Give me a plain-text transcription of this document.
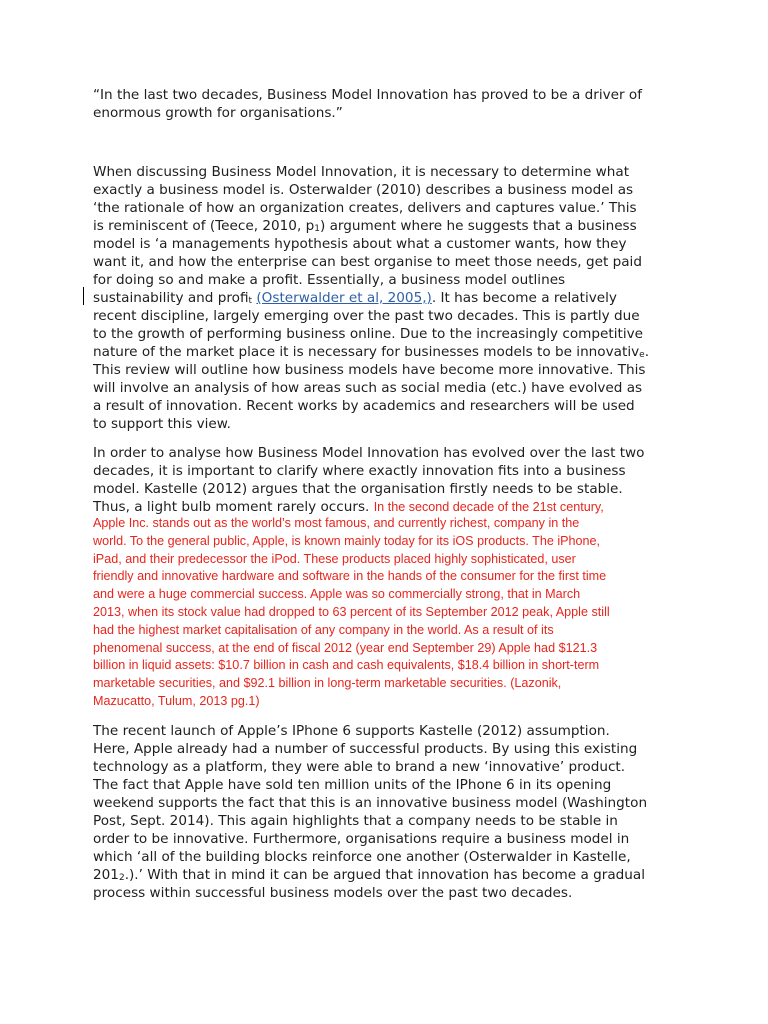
“In the last two decades, Business Model Innovation has proved to be a driver of
enormous growth for organisations.”
When discussing Business Model Innovation, it is necessary to determine what
exactly a business model is. Osterwalder (2010) describes a business model as
‘the rationale of how an organization creates, delivers and captures value.’ This
is reminiscent of (Teece, 2010, p1) argument where he suggests that a business
model is ‘a managements hypothesis about what a customer wants, how they
want it, and how the enterprise can best organise to meet those needs, get paid
for doing so and make a profit. Essentially, a business model outlines
sustainability and profit (Osterwalder et al, 2005,). It has become a relatively
recent discipline, largely emerging over the past two decades. This is partly due
to the growth of performing business online. Due to the increasingly competitive
nature of the market place it is necessary for businesses models to be innovative.
This review will outline how business models have become more innovative. This
will involve an analysis of how areas such as social media (etc.) have evolved as
a result of innovation. Recent works by academics and researchers will be used
to support this view.
In order to analyse how Business Model Innovation has evolved over the last two
decades, it is important to clarify where exactly innovation fits into a business
model. Kastelle (2012) argues that the organisation firstly needs to be stable.
Thus, a light bulb moment rarely occurs. In the second decade of the 21st century,
Apple Inc. stands out as the world’s most famous, and currently richest, company in the
world. To the general public, Apple, is known mainly today for its iOS products. The iPhone,
iPad, and their predecessor the iPod. These products placed highly sophisticated, user
friendly and innovative hardware and software in the hands of the consumer for the first time
and were a huge commercial success. Apple was so commercially strong, that in March
2013, when its stock value had dropped to 63 percent of its September 2012 peak, Apple still
had the highest market capitalisation of any company in the world. As a result of its
phenomenal success, at the end of fiscal 2012 (year end September 29) Apple had $121.3
billion in liquid assets: $10.7 billion in cash and cash equivalents, $18.4 billion in short-term
marketable securities, and $92.1 billion in long-term marketable securities. (Lazonik,
Mazucatto, Tulum, 2013 pg.1)
The recent launch of Apple’s IPhone 6 supports Kastelle (2012) assumption.
Here, Apple already had a number of successful products. By using this existing
technology as a platform, they were able to brand a new ‘innovative’ product.
The fact that Apple have sold ten million units of the IPhone 6 in its opening
weekend supports the fact that this is an innovative business model (Washington
Post, Sept. 2014). This again highlights that a company needs to be stable in
order to be innovative. Furthermore, organisations require a business model in
which ‘all of the building blocks reinforce one another (Osterwalder in Kastelle,
2012.).’ With that in mind it can be argued that innovation has become a gradual
process within successful business models over the past two decades.
